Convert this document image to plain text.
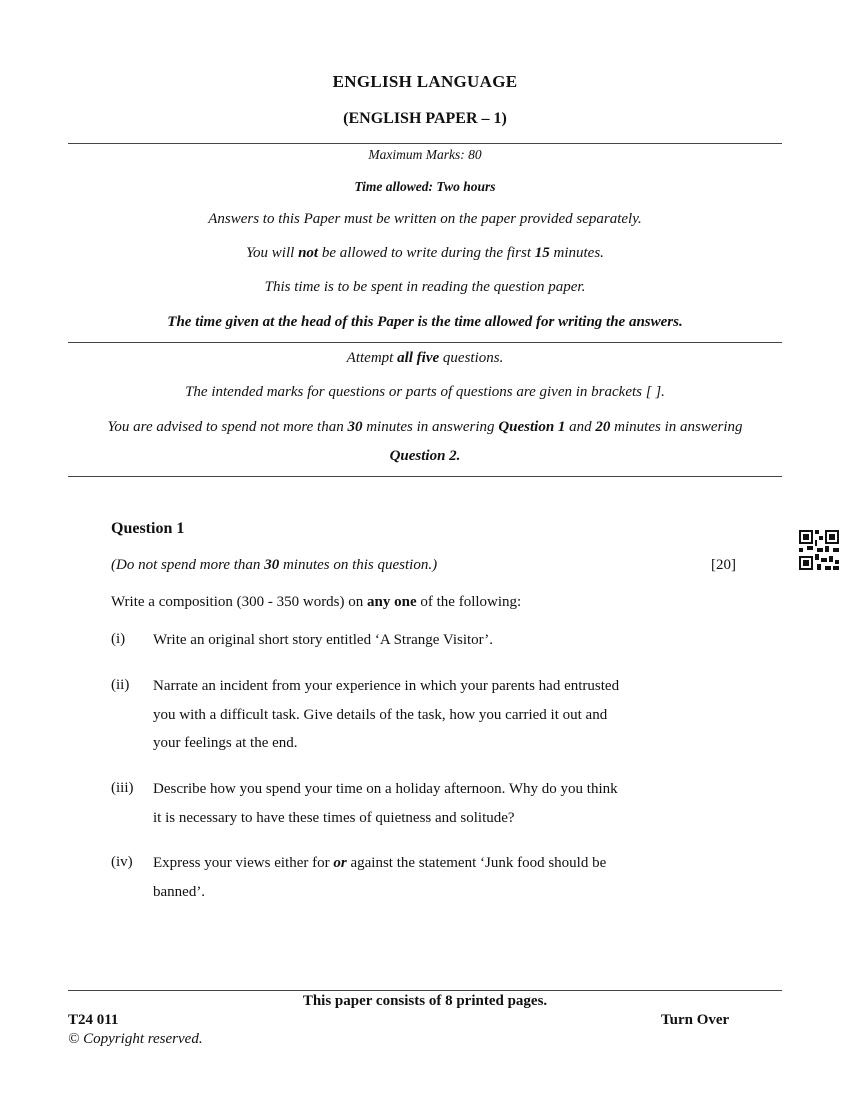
ENGLISH LANGUAGE
(ENGLISH PAPER – 1)
Maximum Marks: 80
Time allowed: Two hours
Answers to this Paper must be written on the paper provided separately.
You will not be allowed to write during the first 15 minutes.
This time is to be spent in reading the question paper.
The time given at the head of this Paper is the time allowed for writing the answers.
Attempt all five questions.
The intended marks for questions or parts of questions are given in brackets [ ].
You are advised to spend not more than 30 minutes in answering Question 1 and 20 minutes in answering
Question 2.
Question 1
(Do not spend more than 30 minutes on this question.)	[20]
Write a composition (300 - 350 words) on any one of the following:
(i) Write an original short story entitled ‘A Strange Visitor’.
(ii) Narrate an incident from your experience in which your parents had entrusted
you with a difficult task. Give details of the task, how you carried it out and
your feelings at the end.
(iii) Describe how you spend your time on a holiday afternoon. Why do you think
it is necessary to have these times of quietness and solitude?
(iv) Express your views either for or against the statement ‘Junk food should be
banned’.
This paper consists of 8 printed pages.
T24 011	Turn Over
© Copyright reserved.
